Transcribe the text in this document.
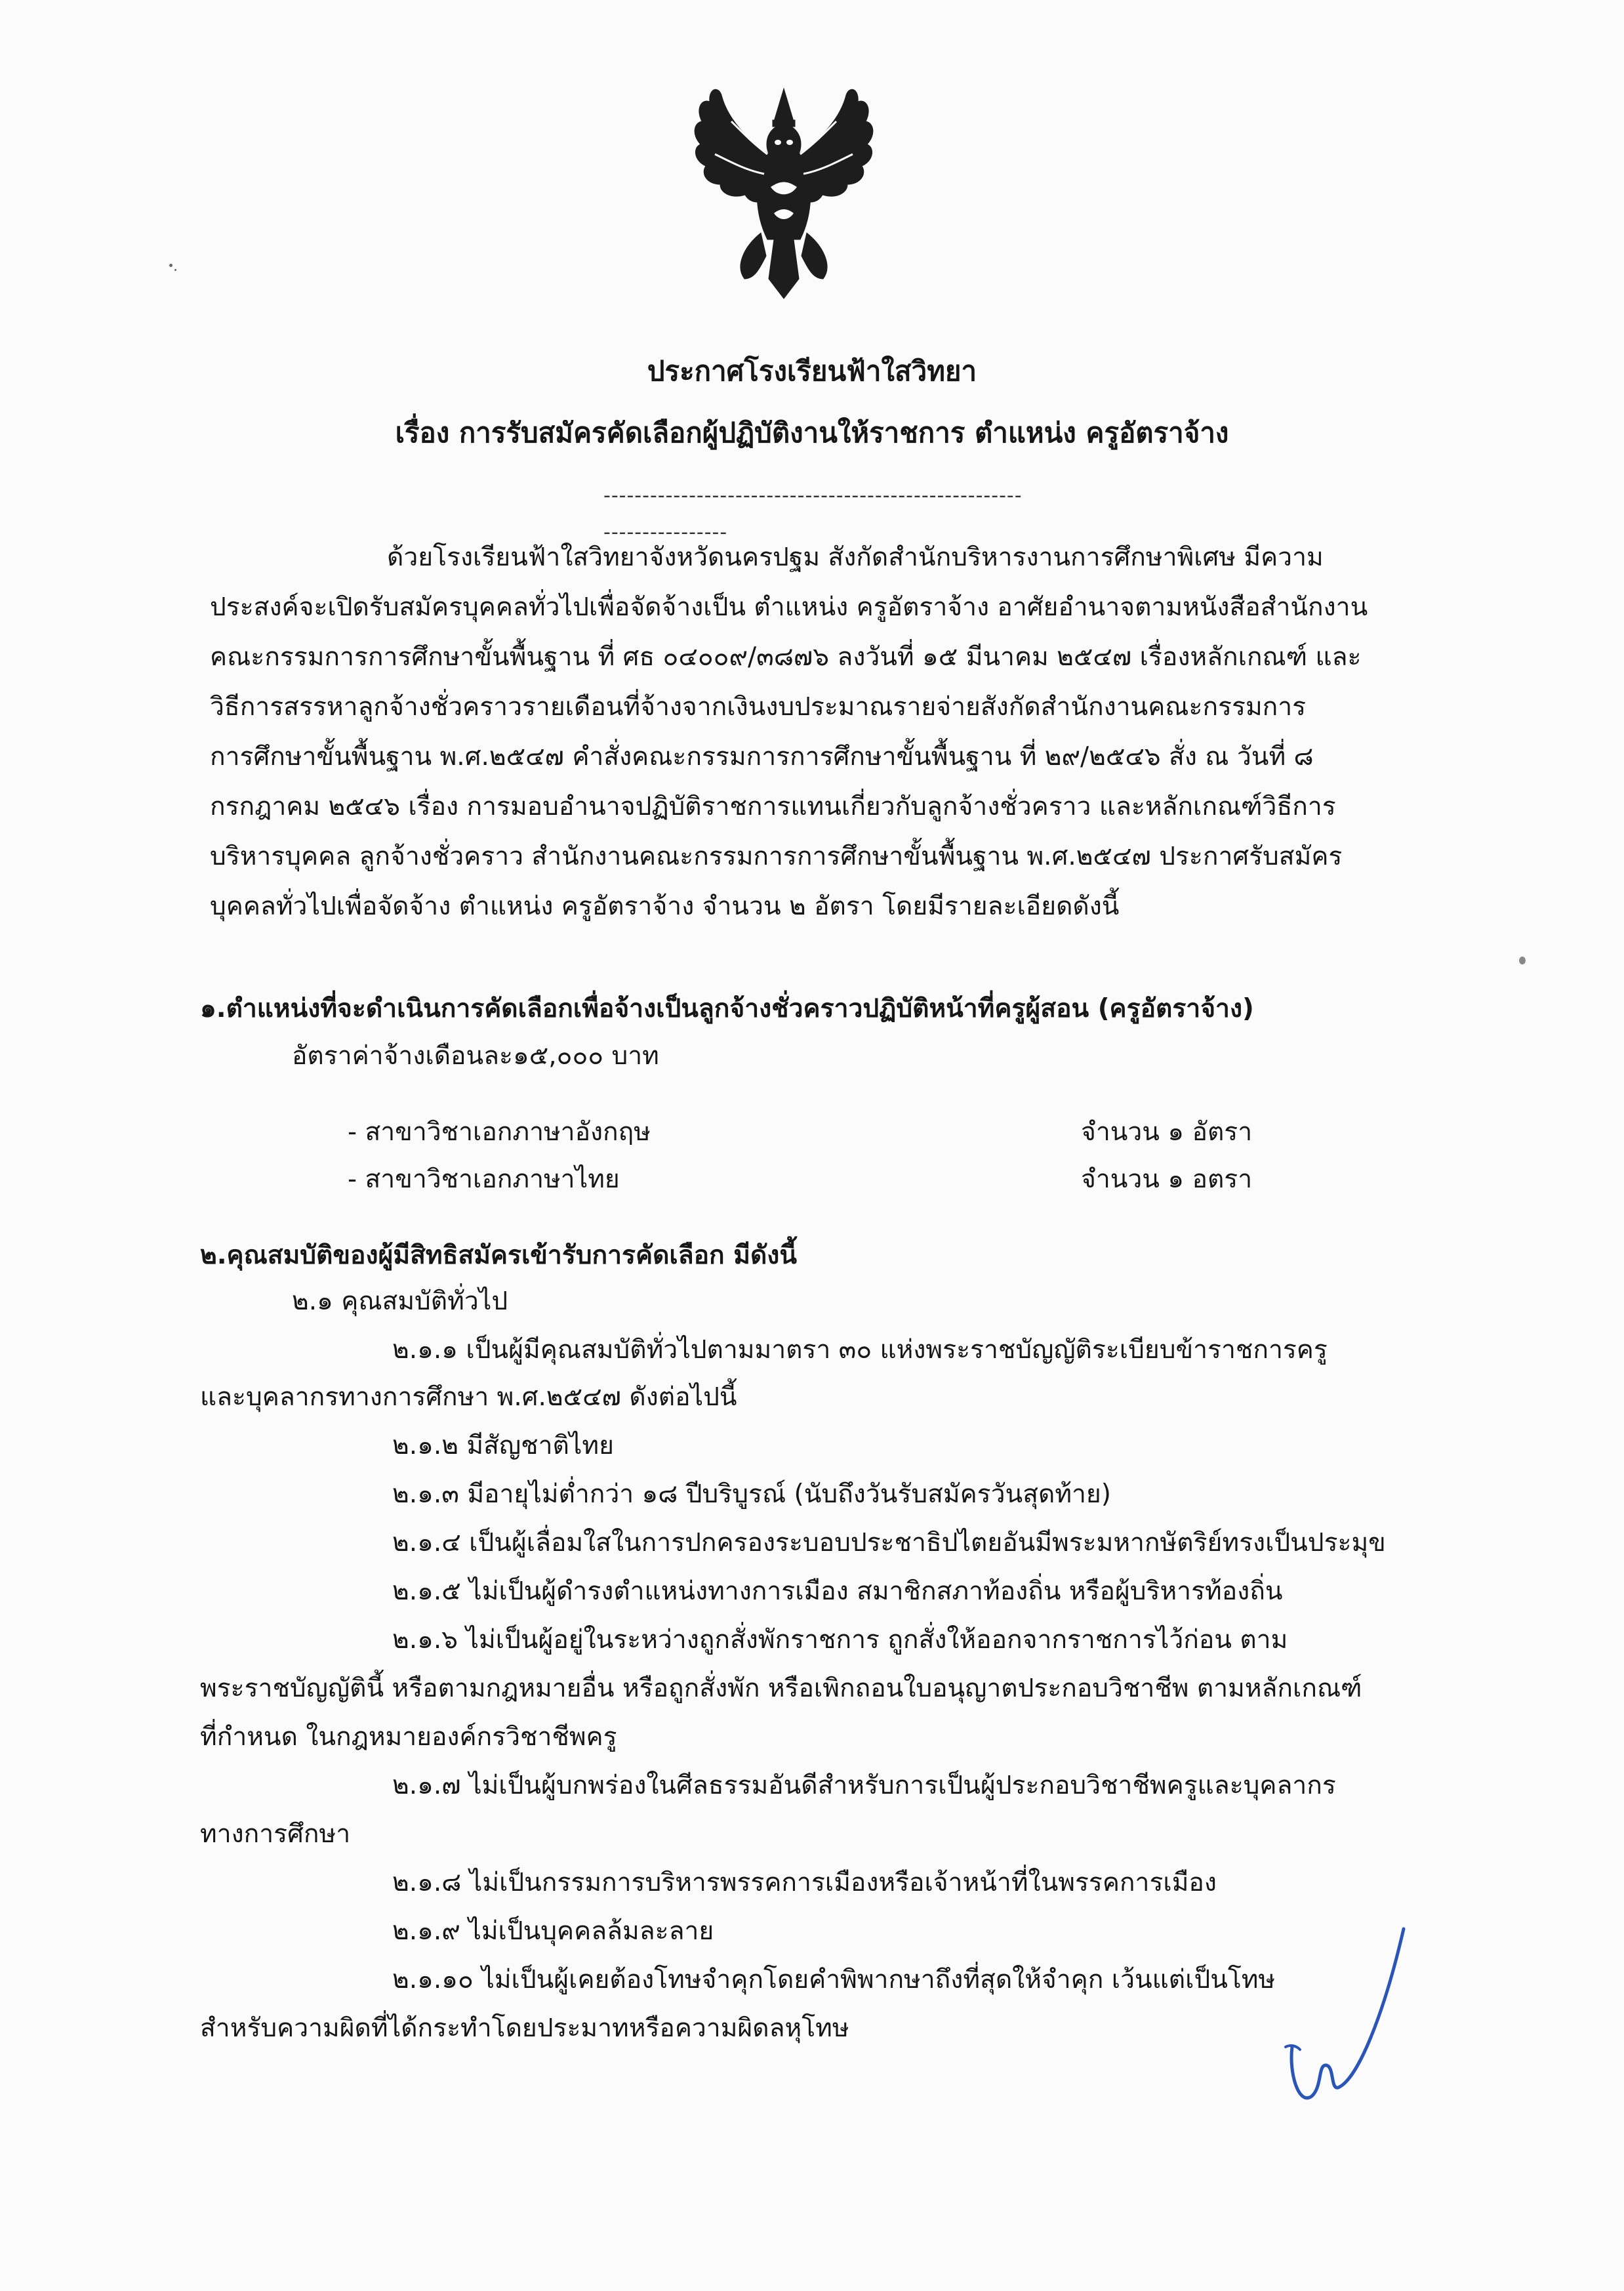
ประกาศโรงเรียนฟ้าใสวิทยา
เรื่อง การรับสมัครคัดเลือกผู้ปฏิบัติงานให้ราชการ ตำแหน่ง ครูอัตราจ้าง
----------------------------------------------------------------------
ด้วยโรงเรียนฟ้าใสวิทยาจังหวัดนครปฐม สังกัดสำนักบริหารงานการศึกษาพิเศษ มีความ
ประสงค์จะเปิดรับสมัครบุคคลทั่วไปเพื่อจัดจ้างเป็น ตำแหน่ง ครูอัตราจ้าง อาศัยอำนาจตามหนังสือสำนักงาน
คณะกรรมการการศึกษาขั้นพื้นฐาน ที่ ศธ ๐๔๐๐๙/๓๘๗๖ ลงวันที่ ๑๕ มีนาคม ๒๕๔๗ เรื่องหลักเกณฑ์ และ
วิธีการสรรหาลูกจ้างชั่วคราวรายเดือนที่จ้างจากเงินงบประมาณรายจ่ายสังกัดสำนักงานคณะกรรมการ
การศึกษาขั้นพื้นฐาน พ.ศ.๒๕๔๗ คำสั่งคณะกรรมการการศึกษาขั้นพื้นฐาน ที่ ๒๙/๒๕๔๖ สั่ง ณ วันที่ ๘
กรกฎาคม ๒๕๔๖ เรื่อง การมอบอำนาจปฏิบัติราชการแทนเกี่ยวกับลูกจ้างชั่วคราว และหลักเกณฑ์วิธีการ
บริหารบุคคล ลูกจ้างชั่วคราว สำนักงานคณะกรรมการการศึกษาขั้นพื้นฐาน พ.ศ.๒๕๔๗ ประกาศรับสมัคร
บุคคลทั่วไปเพื่อจัดจ้าง ตำแหน่ง ครูอัตราจ้าง จำนวน ๒ อัตรา โดยมีรายละเอียดดังนี้
๑.ตำแหน่งที่จะดำเนินการคัดเลือกเพื่อจ้างเป็นลูกจ้างชั่วคราวปฏิบัติหน้าที่ครูผู้สอน (ครูอัตราจ้าง)
อัตราค่าจ้างเดือนละ๑๕,๐๐๐ บาท
- สาขาวิชาเอกภาษาอังกฤษ	จำนวน ๑ อัตรา
- สาขาวิชาเอกภาษาไทย	จำนวน ๑ อตรา
๒.คุณสมบัติของผู้มีสิทธิสมัครเข้ารับการคัดเลือก มีดังนี้
๒.๑ คุณสมบัติทั่วไป
๒.๑.๑ เป็นผู้มีคุณสมบัติทั่วไปตามมาตรา ๓๐ แห่งพระราชบัญญัติระเบียบข้าราชการครู
และบุคลากรทางการศึกษา พ.ศ.๒๕๔๗ ดังต่อไปนี้
๒.๑.๒ มีสัญชาติไทย
๒.๑.๓ มีอายุไม่ต่ำกว่า ๑๘ ปีบริบูรณ์ (นับถึงวันรับสมัครวันสุดท้าย)
๒.๑.๔ เป็นผู้เลื่อมใสในการปกครองระบอบประชาธิปไตยอันมีพระมหากษัตริย์ทรงเป็นประมุข
๒.๑.๕ ไม่เป็นผู้ดำรงตำแหน่งทางการเมือง สมาชิกสภาท้องถิ่น หรือผู้บริหารท้องถิ่น
๒.๑.๖ ไม่เป็นผู้อยู่ในระหว่างถูกสั่งพักราชการ ถูกสั่งให้ออกจากราชการไว้ก่อน ตาม
พระราชบัญญัตินี้ หรือตามกฎหมายอื่น หรือถูกสั่งพัก หรือเพิกถอนใบอนุญาตประกอบวิชาชีพ ตามหลักเกณฑ์
ที่กำหนด ในกฎหมายองค์กรวิชาชีพครู
๒.๑.๗ ไม่เป็นผู้บกพร่องในศีลธรรมอันดีสำหรับการเป็นผู้ประกอบวิชาชีพครูและบุคลากร
ทางการศึกษา
๒.๑.๘ ไม่เป็นกรรมการบริหารพรรคการเมืองหรือเจ้าหน้าที่ในพรรคการเมือง
๒.๑.๙ ไม่เป็นบุคคลล้มละลาย
๒.๑.๑๐ ไม่เป็นผู้เคยต้องโทษจำคุกโดยคำพิพากษาถึงที่สุดให้จำคุก เว้นแต่เป็นโทษ
สำหรับความผิดที่ได้กระทำโดยประมาทหรือความผิดลหุโทษ
